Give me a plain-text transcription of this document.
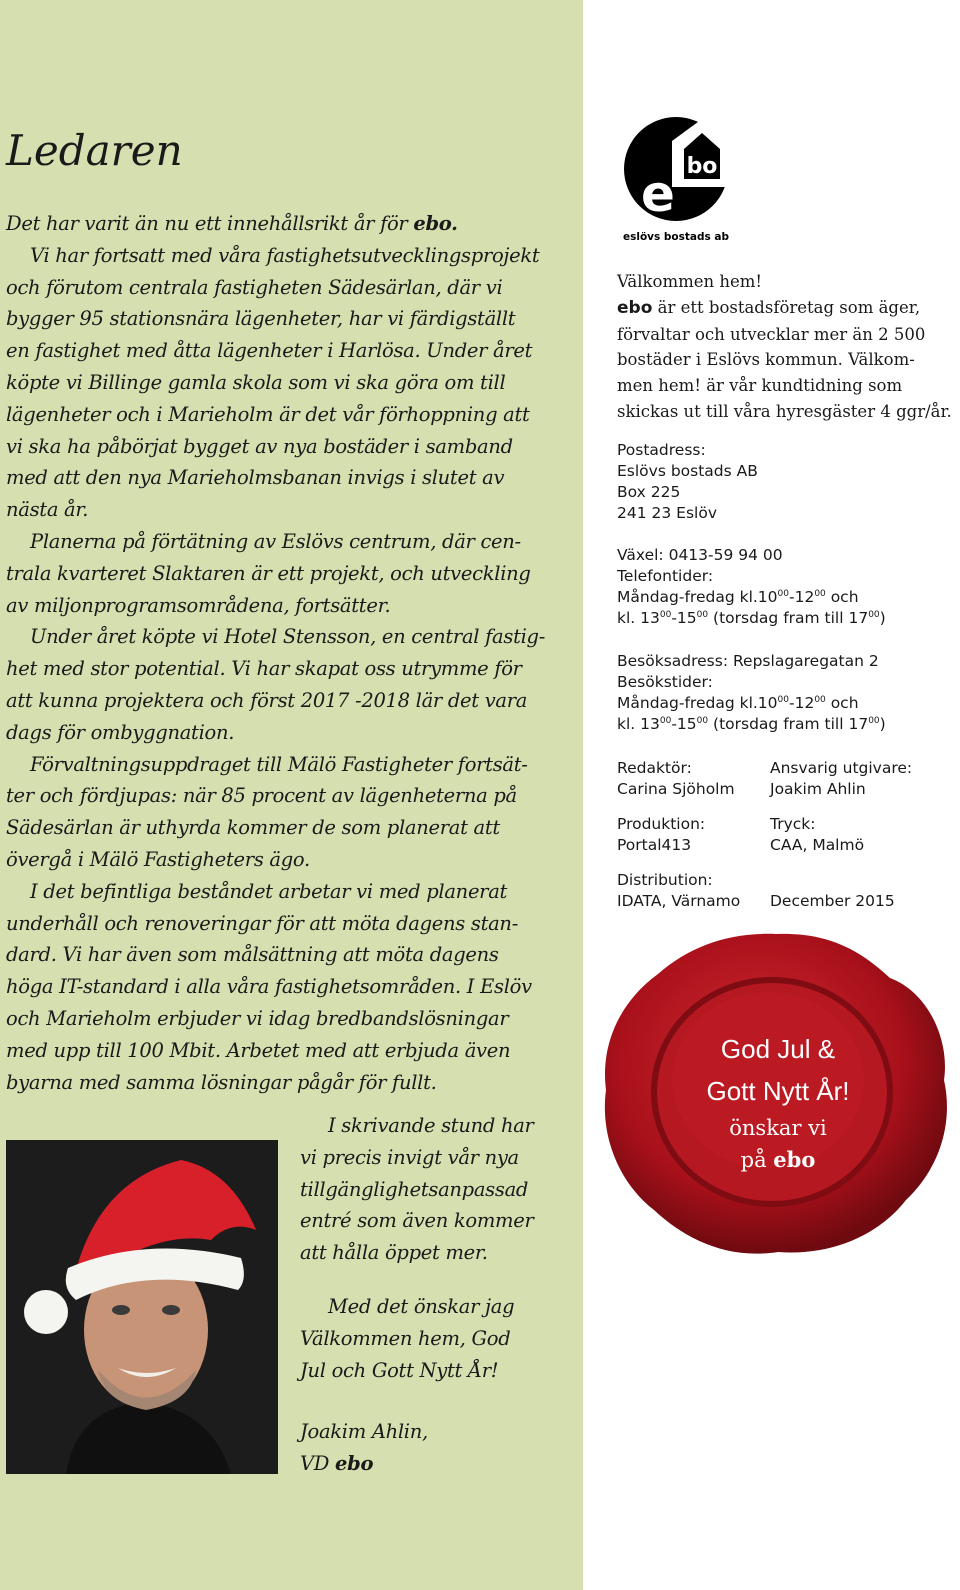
Ledaren

Det har varit än nu ett innehållsrikt år för ebo.

Vi har fortsatt med våra fastighetsutvecklingsprojekt

och förutom centrala fastigheten Sädesärlan, där vi

bygger 95 stationsnära lägenheter, har vi färdigställt

en fastighet med åtta lägenheter i Harlösa. Under året

köpte vi Billinge gamla skola som vi ska göra om till

lägenheter och i Marieholm är det vår förhoppning att

vi ska ha påbörjat bygget av nya bostäder i samband

med att den nya Marieholmsbanan invigs i slutet av

nästa år.

Planerna på förtätning av Eslövs centrum, där cen-

trala kvarteret Slaktaren är ett projekt, och utveckling

av miljonprogramsområdena, fortsätter.

Under året köpte vi Hotel Stensson, en central fastig-

het med stor potential. Vi har skapat oss utrymme för

att kunna projektera och först 2017 -2018 lär det vara

dags för ombyggnation.

Förvaltningsuppdraget till Mälö Fastigheter fortsät-

ter och fördjupas: när 85 procent av lägenheterna på

Sädesärlan är uthyrda kommer de som planerat att

övergå i Mälö Fastigheters ägo.

I det befintliga beståndet arbetar vi med planerat

underhåll och renoveringar för att möta dagens stan-

dard. Vi har även som målsättning att möta dagens

höga IT-standard i alla våra fastighetsområden. I Eslöv

och Marieholm erbjuder vi idag bredbandslösningar

med upp till 100 Mbit. Arbetet med att erbjuda även

byarna med samma lösningar pågår för fullt.

I skrivande stund har

vi precis invigt vår nya

tillgänglighetsanpassad

entré som även kommer

att hålla öppet mer.

Med det önskar jag

Välkommen hem, God

Jul och Gott Nytt År!

Joakim Ahlin,

VD ebo

bo
e
eslövs bostads ab

Välkommen hem!

ebo är ett bostadsföretag som äger,

förvaltar och utvecklar mer än 2 500

bostäder i Eslövs kommun. Välkom-

men hem! är vår kundtidning som

skickas ut till våra hyresgäster 4 ggr/år.

Postadress:

Eslövs bostads AB

Box 225

241 23 Eslöv

Växel: 0413-59 94 00

Telefontider:

Måndag-fredag $kl.10^{00}-12^{00}$ och

kl. $13^{00}-15^{00}$ (torsdag fram till $17^{00}$)

Besöksadress: Repslagaregatan 2

Besökstider:

Måndag-fredag $kl.10^{00}-12^{00}$ och

kl. $13^{00}-15^{00}$ (torsdag fram till $17^{00}$)

Redaktör:

Carina Sjöholm

Ansvarig utgivare:

Joakim Ahlin

Produktion:

Portal413

Tryck:

CAA, Malmö

Distribution:

IDATA, Värnamo December 2015

God Jul &

Gott Nytt År!

önskar vi

på ebo
